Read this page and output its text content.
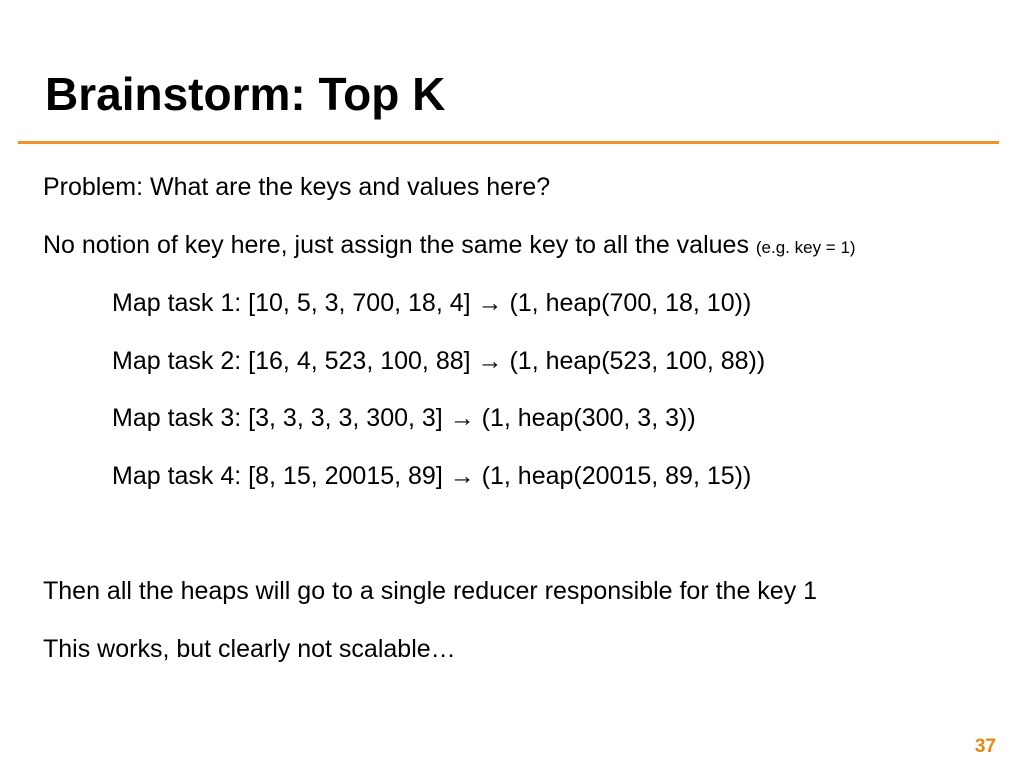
Brainstorm: Top K
Problem: What are the keys and values here?
No notion of key here, just assign the same key to all the values (e.g. key = 1)
Map task 1: [10, 5, 3, 700, 18, 4] → (1, heap(700, 18, 10))
Map task 2: [16, 4, 523, 100, 88] → (1, heap(523, 100, 88))
Map task 3: [3, 3, 3, 3, 300, 3] → (1, heap(300, 3, 3))
Map task 4: [8, 15, 20015, 89] → (1, heap(20015, 89, 15))
Then all the heaps will go to a single reducer responsible for the key 1
This works, but clearly not scalable…
37
